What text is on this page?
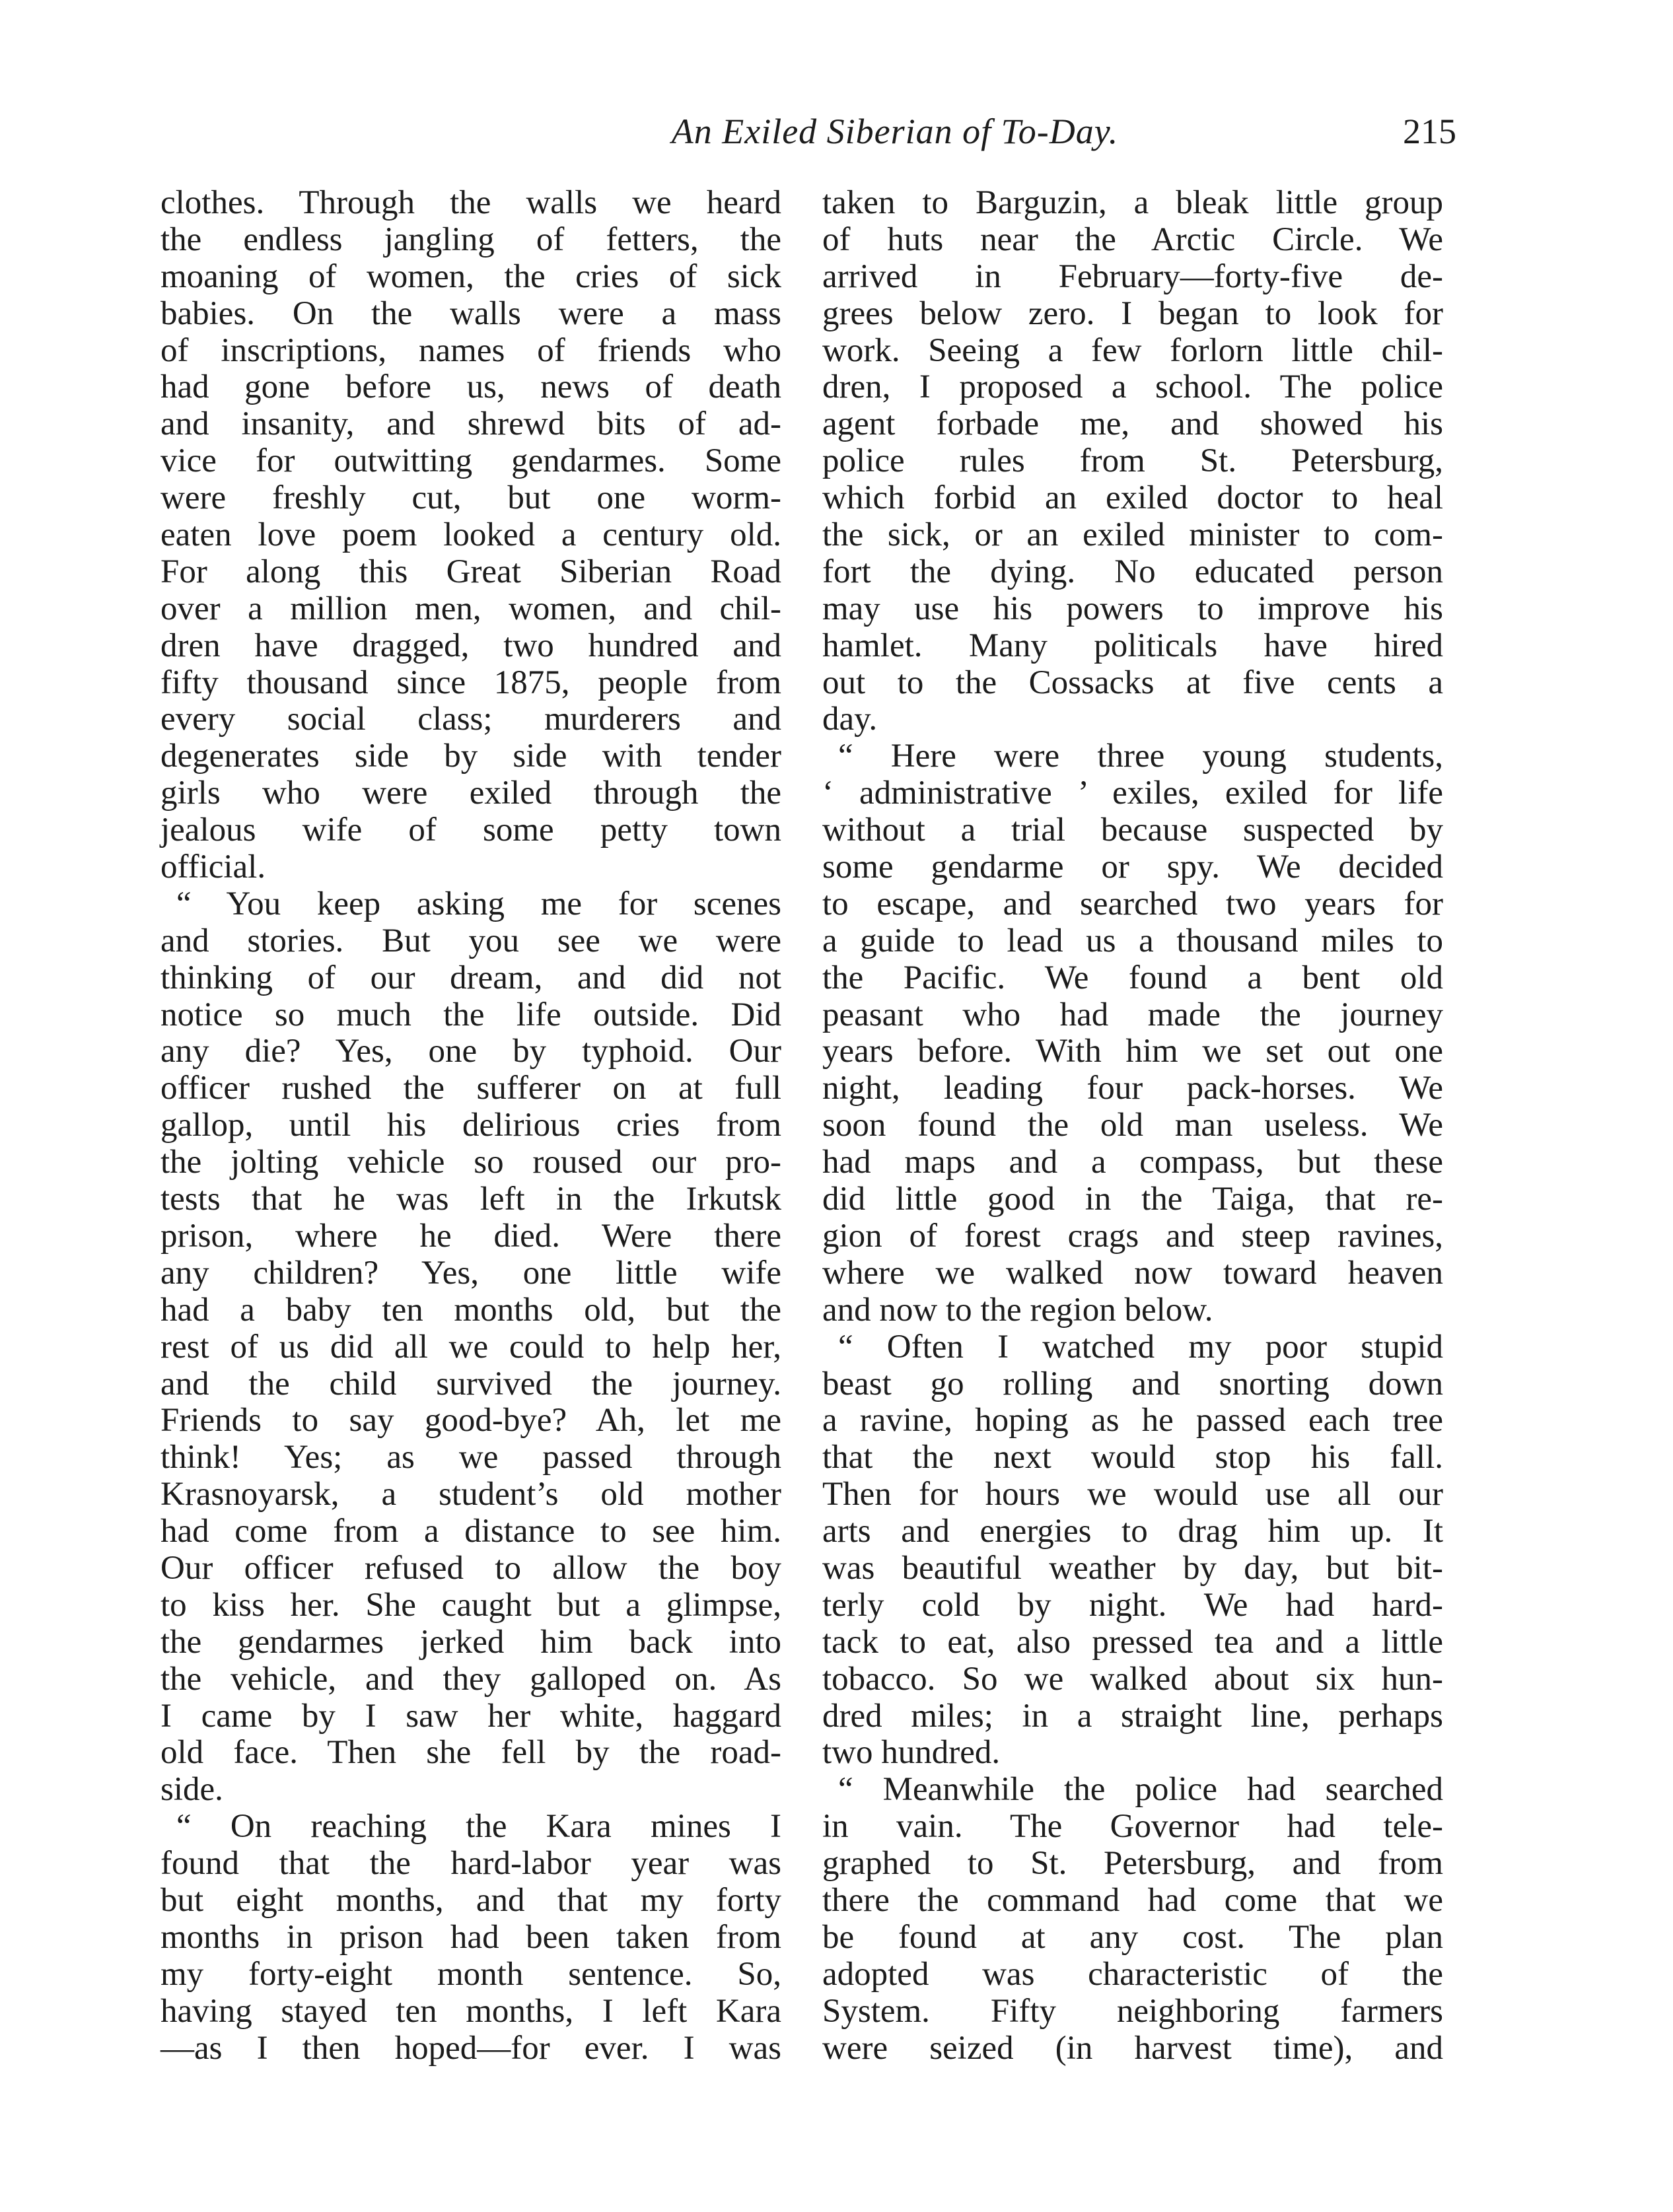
An Exiled Siberian of To-Day.	215
clothes. Through the walls we heard
the endless jangling of fetters, the
moaning of women, the cries of sick
babies. On the walls were a mass
of inscriptions, names of friends who
had gone before us, news of death
and insanity, and shrewd bits of ad-
vice for outwitting gendarmes. Some
were freshly cut, but one worm-
eaten love poem looked a century old.
For along this Great Siberian Road
over a million men, women, and chil-
dren have dragged, two hundred and
fifty thousand since 1875, people from
every social class; murderers and
degenerates side by side with tender
girls who were exiled through the
jealous wife of some petty town
official.
“ You keep asking me for scenes
and stories. But you see we were
thinking of our dream, and did not
notice so much the life outside. Did
any die? Yes, one by typhoid. Our
officer rushed the sufferer on at full
gallop, until his delirious cries from
the jolting vehicle so roused our pro-
tests that he was left in the Irkutsk
prison, where he died. Were there
any children? Yes, one little wife
had a baby ten months old, but the
rest of us did all we could to help her,
and the child survived the journey.
Friends to say good-bye? Ah, let me
think! Yes; as we passed through
Krasnoyarsk, a student’s old mother
had come from a distance to see him.
Our officer refused to allow the boy
to kiss her. She caught but a glimpse,
the gendarmes jerked him back into
the vehicle, and they galloped on. As
I came by I saw her white, haggard
old face. Then she fell by the road-
side.
“ On reaching the Kara mines I
found that the hard-labor year was
but eight months, and that my forty
months in prison had been taken from
my forty-eight month sentence. So,
having stayed ten months, I left Kara
—as I then hoped—for ever. I was
taken to Barguzin, a bleak little group
of huts near the Arctic Circle. We
arrived in February—forty-five de-
grees below zero. I began to look for
work. Seeing a few forlorn little chil-
dren, I proposed a school. The police
agent forbade me, and showed his
police rules from St. Petersburg,
which forbid an exiled doctor to heal
the sick, or an exiled minister to com-
fort the dying. No educated person
may use his powers to improve his
hamlet. Many politicals have hired
out to the Cossacks at five cents a
day.
“ Here were three young students,
‘ administrative ’ exiles, exiled for life
without a trial because suspected by
some gendarme or spy. We decided
to escape, and searched two years for
a guide to lead us a thousand miles to
the Pacific. We found a bent old
peasant who had made the journey
years before. With him we set out one
night, leading four pack-horses. We
soon found the old man useless. We
had maps and a compass, but these
did little good in the Taiga, that re-
gion of forest crags and steep ravines,
where we walked now toward heaven
and now to the region below.
“ Often I watched my poor stupid
beast go rolling and snorting down
a ravine, hoping as he passed each tree
that the next would stop his fall.
Then for hours we would use all our
arts and energies to drag him up. It
was beautiful weather by day, but bit-
terly cold by night. We had hard-
tack to eat, also pressed tea and a little
tobacco. So we walked about six hun-
dred miles; in a straight line, perhaps
two hundred.
“ Meanwhile the police had searched
in vain. The Governor had tele-
graphed to St. Petersburg, and from
there the command had come that we
be found at any cost. The plan
adopted was characteristic of the
System. Fifty neighboring farmers
were seized (in harvest time), and
